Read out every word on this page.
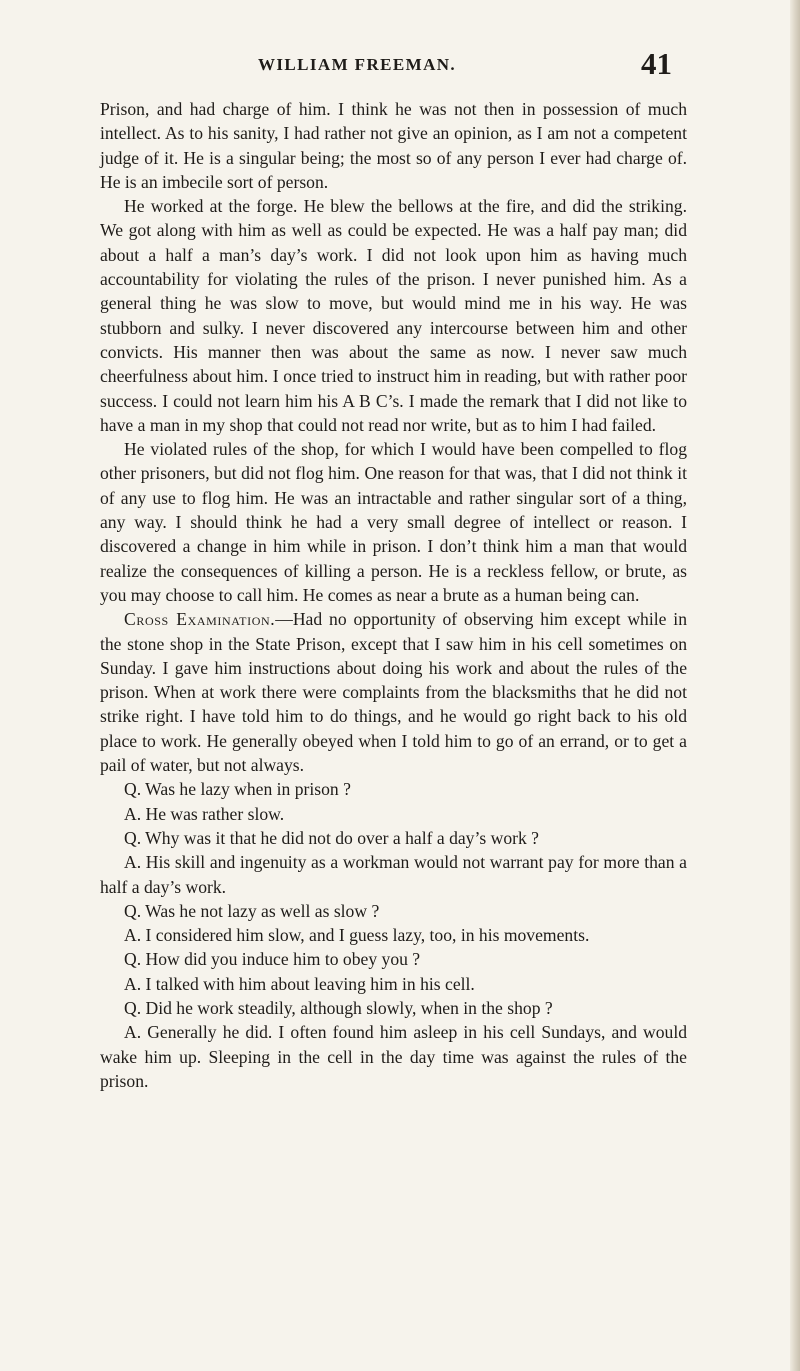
WILLIAM FREEMAN.	41

Prison, and had charge of him. I think he was not then in possession of much intellect. As to his sanity, I had rather not give an opinion, as I am not a competent judge of it. He is a singular being; the most so of any person I ever had charge of. He is an imbecile sort of person.

He worked at the forge. He blew the bellows at the fire, and did the striking. We got along with him as well as could be expected. He was a half pay man; did about a half a man’s day’s work. I did not look upon him as having much accountability for violating the rules of the prison. I never punished him. As a general thing he was slow to move, but would mind me in his way. He was stubborn and sulky. I never discovered any intercourse between him and other convicts. His manner then was about the same as now. I never saw much cheerfulness about him. I once tried to instruct him in reading, but with rather poor success. I could not learn him his A B C’s. I made the remark that I did not like to have a man in my shop that could not read nor write, but as to him I had failed.

He violated rules of the shop, for which I would have been compelled to flog other prisoners, but did not flog him. One reason for that was, that I did not think it of any use to flog him. He was an intractable and rather singular sort of a thing, any way. I should think he had a very small degree of intellect or reason. I discovered a change in him while in prison. I don’t think him a man that would realize the consequences of killing a person. He is a reckless fellow, or brute, as you may choose to call him. He comes as near a brute as a human being can.

Cross Examination.—Had no opportunity of observing him except while in the stone shop in the State Prison, except that I saw him in his cell sometimes on Sunday. I gave him instructions about doing his work and about the rules of the prison. When at work there were complaints from the blacksmiths that he did not strike right. I have told him to do things, and he would go right back to his old place to work. He generally obeyed when I told him to go of an errand, or to get a pail of water, but not always.

Q. Was he lazy when in prison ?

A. He was rather slow.

Q. Why was it that he did not do over a half a day’s work ?

A. His skill and ingenuity as a workman would not warrant pay for more than a half a day’s work.

Q. Was he not lazy as well as slow ?

A. I considered him slow, and I guess lazy, too, in his movements.

Q. How did you induce him to obey you ?

A. I talked with him about leaving him in his cell.

Q. Did he work steadily, although slowly, when in the shop ?

A. Generally he did. I often found him asleep in his cell Sundays, and would wake him up. Sleeping in the cell in the day time was against the rules of the prison.
